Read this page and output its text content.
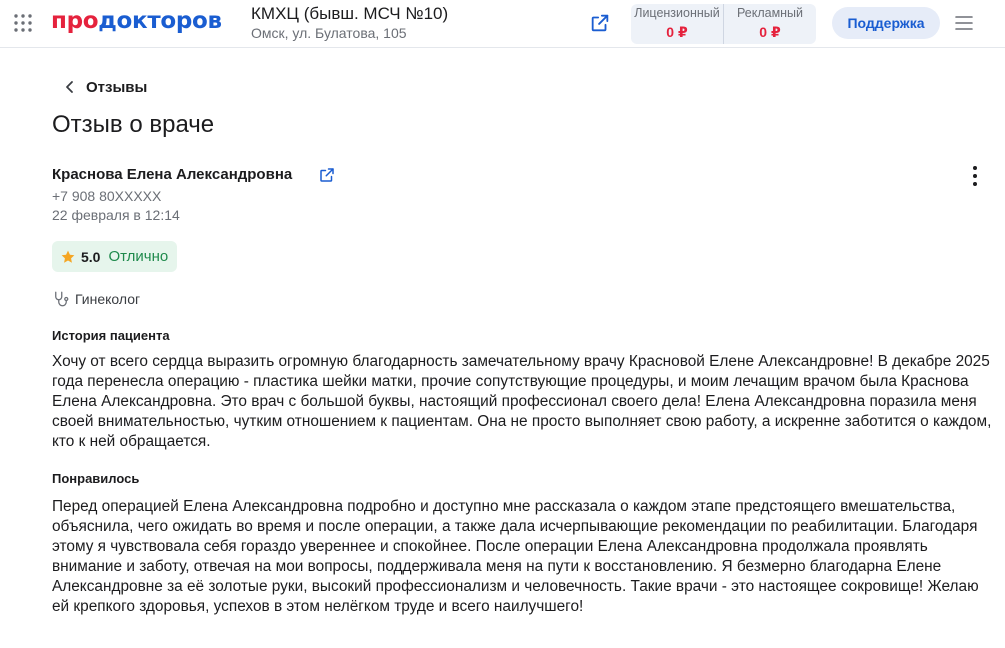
продокторов КМХЦ (бывш. МСЧ №10)
Омск, ул. Булатова, 105
Лицензионный
0 ₽
Рекламный
0 ₽
Поддержка
Отзывы
Отзыв о враче
Краснова Елена Александровна
+7 908 80XXXXX
22 февраля в 12:14
5.0 Отлично
Гинеколог
История пациента
Хочу от всего сердца выразить огромную благодарность замечательному врачу Красновой Елене Александровне! В декабре 2025 года перенесла операцию - пластика шейки матки, прочие сопутствующие процедуры, и моим лечащим врачом была Краснова Елена Александровна. Это врач с большой буквы, настоящий профессионал своего дела! Елена Александровна поразила меня своей внимательностью, чутким отношением к пациентам. Она не просто выполняет свою работу, а искренне заботится о каждом, кто к ней обращается.
Понравилось
Перед операцией Елена Александровна подробно и доступно мне рассказала о каждом этапе предстоящего вмешательства, объяснила, чего ожидать во время и после операции, а также дала исчерпывающие рекомендации по реабилитации. Благодаря этому я чувствовала себя гораздо увереннее и спокойнее. После операции Елена Александровна продолжала проявлять внимание и заботу, отвечая на мои вопросы, поддерживала меня на пути к восстановлению. Я безмерно благодарна Елене Александровне за её золотые руки, высокий профессионализм и человечность. Такие врачи - это настоящее сокровище! Желаю ей крепкого здоровья, успехов в этом нелёгком труде и всего наилучшего!
